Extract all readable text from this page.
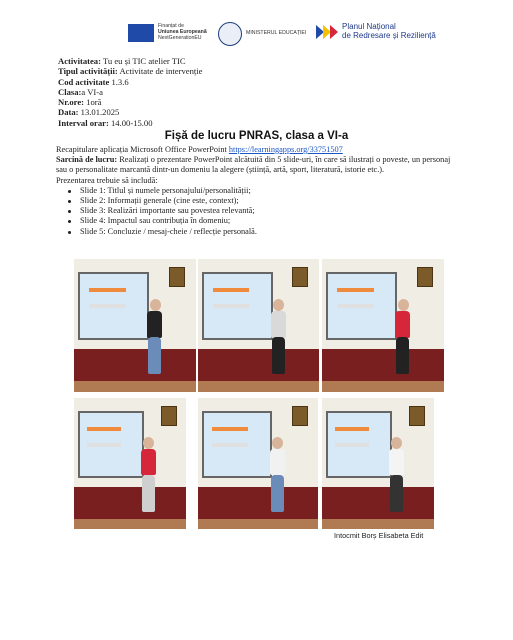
Finanțat de
Uniunea Europeană
NextGenerationEU
MINISTERUL EDUCAȚIEI
Planul Național
de Redresare și Reziliență
Activitatea: Tu eu și TIC atelier TIC
Tipul activității: Activitate de intervenție
Cod activitate 1.3.6
Clasa:a VI-a
Nr.ore: 1oră
Data: 13.01.2025
Interval orar: 14.00-15.00
Fișă de lucru PNRAS, clasa a VI-a
Recapitulare aplicația Microsoft Office PowerPoint https://learningapps.org/33751507
Sarcină de lucru: Realizați o prezentare PowerPoint alcătuită din 5 slide-uri, în care să ilustrați o poveste, un personaj sau o personalitate marcantă dintr-un domeniu la alegere (știință, artă, sport, literatură, istorie etc.).
Prezentarea trebuie să includă:
Slide 1: Titlul și numele personajului/personalității;
Slide 2: Informații generale (cine este, context);
Slide 3: Realizări importante sau povestea relevantă;
Slide 4: Impactul sau contribuția în domeniu;
Slide 5: Concluzie / mesaj-cheie / reflecție personală.
Intocmit Borș Elisabeta Edit
